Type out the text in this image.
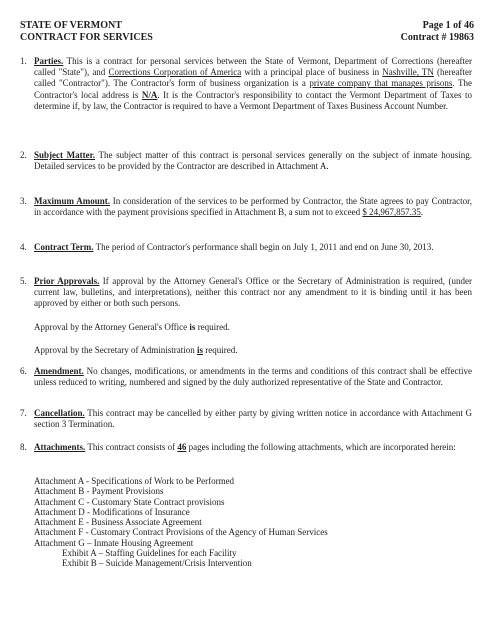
STATE OF VERMONT
CONTRACT FOR SERVICES
Page 1 of 46
Contract # 19863
1. Parties. This is a contract for personal services between the State of Vermont, Department of Corrections (hereafter called "State"), and Corrections Corporation of America with a principal place of business in Nashville, TN (hereafter called "Contractor"). The Contractor's form of business organization is a private company that manages prisons. The Contractor's local address is N/A. It is the Contractor's responsibility to contact the Vermont Department of Taxes to determine if, by law, the Contractor is required to have a Vermont Department of Taxes Business Account Number.
2. Subject Matter. The subject matter of this contract is personal services generally on the subject of inmate housing. Detailed services to be provided by the Contractor are described in Attachment A.
3. Maximum Amount. In consideration of the services to be performed by Contractor, the State agrees to pay Contractor, in accordance with the payment provisions specified in Attachment B, a sum not to exceed $ 24,967,857.35.
4. Contract Term. The period of Contractor's performance shall begin on July 1, 2011 and end on June 30, 2013.
5. Prior Approvals. If approval by the Attorney General's Office or the Secretary of Administration is required, (under current law, bulletins, and interpretations), neither this contract nor any amendment to it is binding until it has been approved by either or both such persons.
Approval by the Attorney General's Office is required.
Approval by the Secretary of Administration is required.
6. Amendment. No changes, modifications, or amendments in the terms and conditions of this contract shall be effective unless reduced to writing, numbered and signed by the duly authorized representative of the State and Contractor.
7. Cancellation. This contract may be cancelled by either party by giving written notice in accordance with Attachment G section 3 Termination.
8. Attachments. This contract consists of 46 pages including the following attachments, which are incorporated herein:
Attachment A - Specifications of Work to be Performed
Attachment B - Payment Provisions
Attachment C - Customary State Contract provisions
Attachment D - Modifications of Insurance
Attachment E - Business Associate Agreement
Attachment F - Customary Contract Provisions of the Agency of Human Services
Attachment G – Inmate Housing Agreement
Exhibit A – Staffing Guidelines for each Facility
Exhibit B – Suicide Management/Crisis Intervention
